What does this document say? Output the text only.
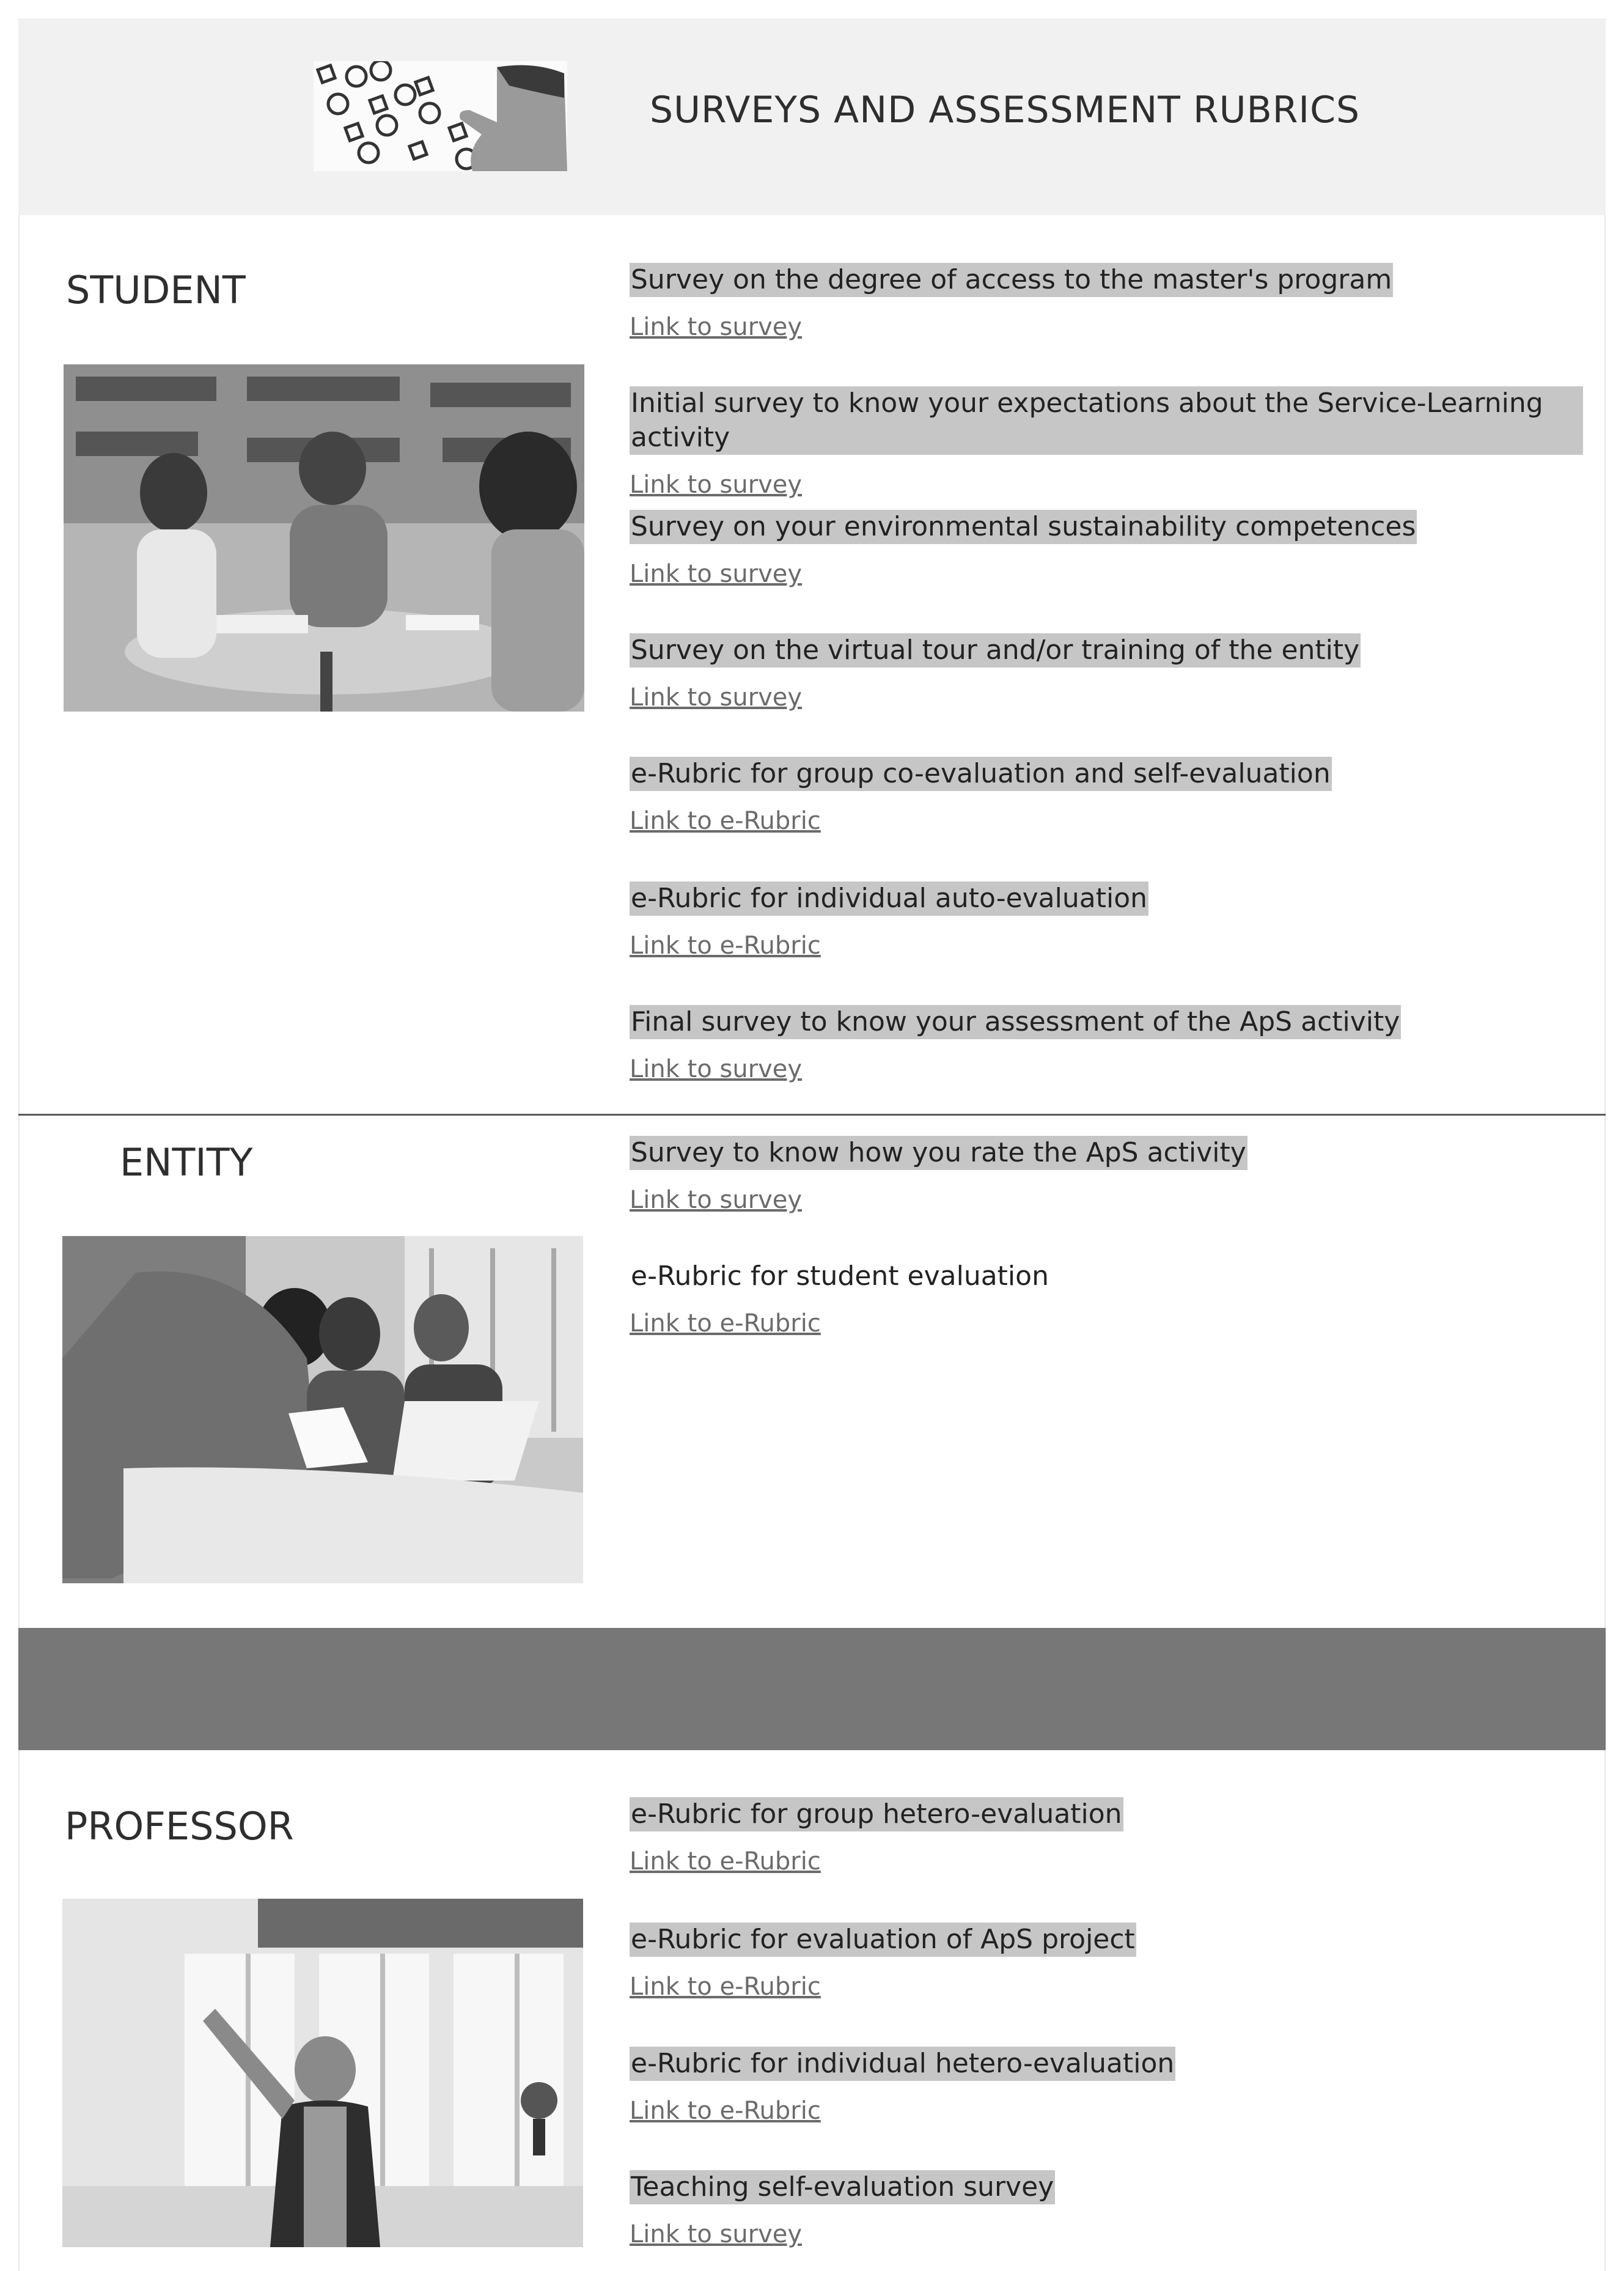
SURVEYS AND ASSESSMENT RUBRICS
STUDENT	Survey on the degree of access to the master's program
Link to survey
Initial survey to know your expectations about the Service-Learning activity
Link to survey
Survey on your environmental sustainability competences
Link to survey
Survey on the virtual tour and/or training of the entity
Link to survey
e-Rubric for group co-evaluation and self-evaluation
Link to e-Rubric
e-Rubric for individual auto-evaluation
Link to e-Rubric
Final survey to know your assessment of the ApS activity
Link to survey
ENTITY	Survey to know how you rate the ApS activity
Link to survey
e-Rubric for student evaluation
Link to e-Rubric
PROFESSOR	e-Rubric for group hetero-evaluation
Link to e-Rubric
e-Rubric for evaluation of ApS project
Link to e-Rubric
e-Rubric for individual hetero-evaluation
Link to e-Rubric
Teaching self-evaluation survey
Link to survey
